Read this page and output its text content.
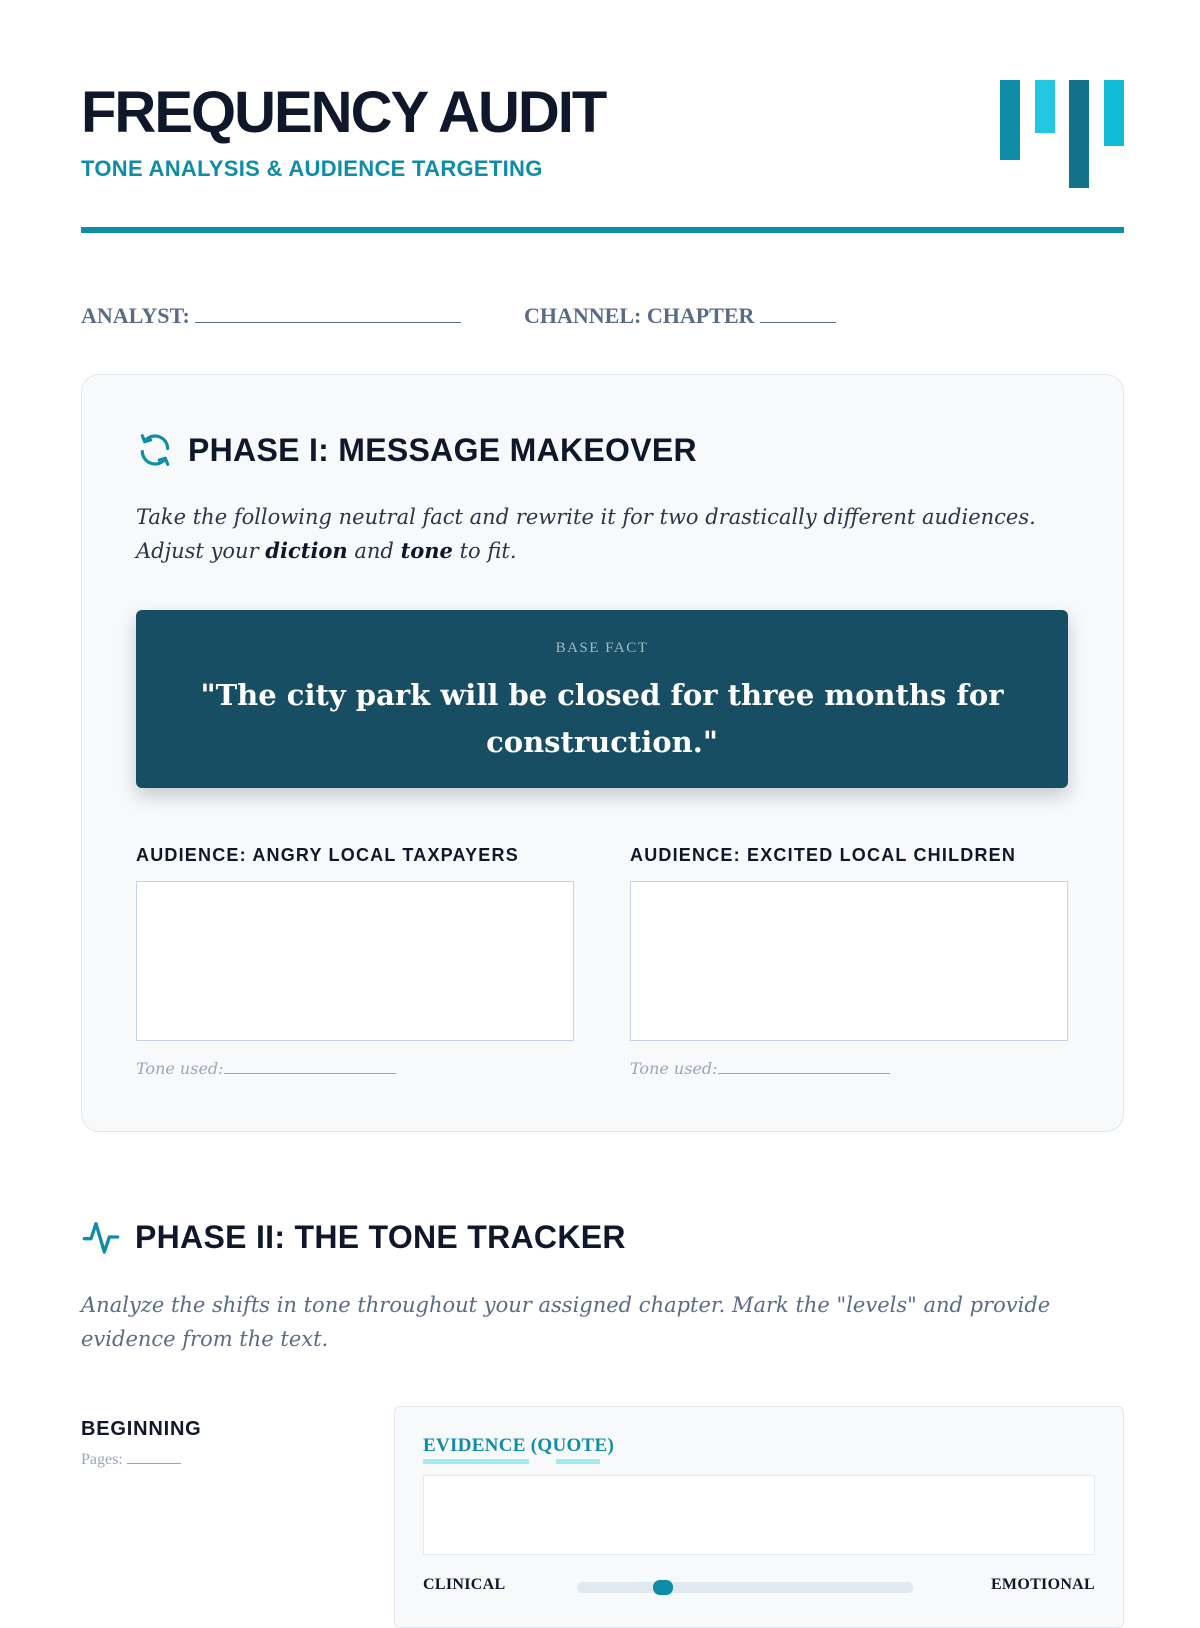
FREQUENCY AUDIT
TONE ANALYSIS & AUDIENCE TARGETING
ANALYST:	CHANNEL: CHAPTER
PHASE I: MESSAGE MAKEOVER

Take the following neutral fact and rewrite it for two drastically different audiences.

Adjust your diction and tone to fit.

BASE FACT
"The city park will be closed for three months for construction."
AUDIENCE: ANGRY LOCAL TAXPAYERS
Tone used:
AUDIENCE: EXCITED LOCAL CHILDREN
Tone used:
PHASE II: THE TONE TRACKER

Analyze the shifts in tone throughout your assigned chapter. Mark the "levels" and provide evidence from the text.

BEGINNING

Pages:
EVIDENCE (QUOTE)
CLINICAL	EMOTIONAL
